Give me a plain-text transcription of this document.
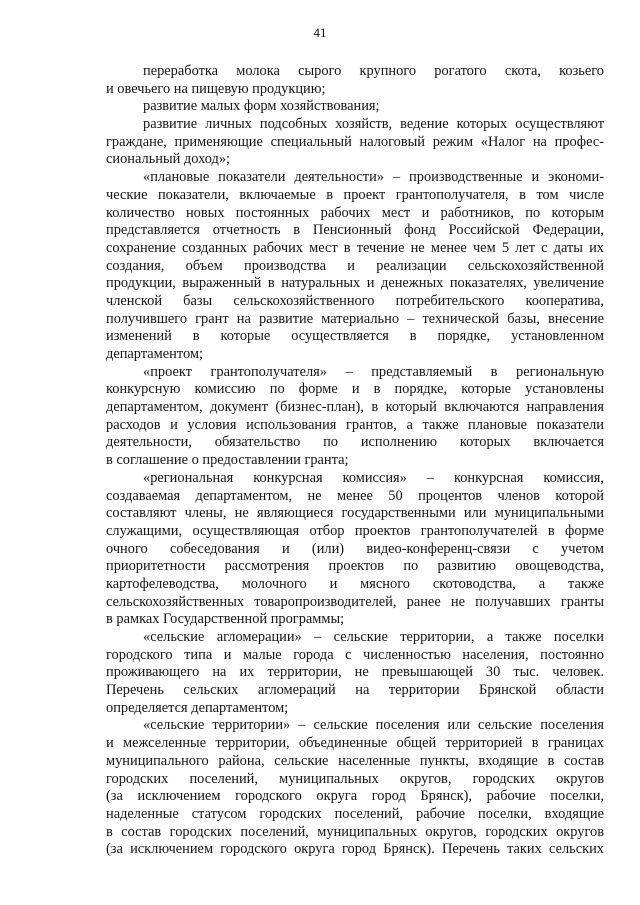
41
переработка молока сырого крупного рогатого скота, козьего
и овечьего на пищевую продукцию;
развитие малых форм хозяйствования;
развитие личных подсобных хозяйств, ведение которых осуществляют
граждане, применяющие специальный налоговый режим «Налог на профес-
сиональный доход»;
«плановые показатели деятельности» – производственные и экономи-
ческие показатели, включаемые в проект грантополучателя, в том числе
количество новых постоянных рабочих мест и работников, по которым
представляется отчетность в Пенсионный фонд Российской Федерации,
сохранение созданных рабочих мест в течение не менее чем 5 лет с даты их
создания, объем производства и реализации сельскохозяйственной
продукции, выраженный в натуральных и денежных показателях, увеличение
членской базы сельскохозяйственного потребительского кооператива,
получившего грант на развитие материально – технической базы, внесение
изменений в которые осуществляется в порядке, установленном
департаментом;
«проект грантополучателя» – представляемый в региональную
конкурсную комиссию по форме и в порядке, которые установлены
департаментом, документ (бизнес-план), в который включаются направления
расходов и условия использования грантов, а также плановые показатели
деятельности, обязательство по исполнению которых включается
в соглашение о предоставлении гранта;
«региональная конкурсная комиссия» – конкурсная комиссия,
создаваемая департаментом, не менее 50 процентов членов которой
составляют члены, не являющиеся государственными или муниципальными
служащими, осуществляющая отбор проектов грантополучателей в форме
очного собеседования и (или) видео-конференц-связи с учетом
приоритетности рассмотрения проектов по развитию овощеводства,
картофелеводства, молочного и мясного скотоводства, а также
сельскохозяйственных товаропроизводителей, ранее не получавших гранты
в рамках Государственной программы;
«сельские агломерации» – сельские территории, а также поселки
городского типа и малые города с численностью населения, постоянно
проживающего на их территории, не превышающей 30 тыс. человек.
Перечень сельских агломераций на территории Брянской области
определяется департаментом;
«сельские территории» – сельские поселения или сельские поселения
и межселенные территории, объединенные общей территорией в границах
муниципального района, сельские населенные пункты, входящие в состав
городских поселений, муниципальных округов, городских округов
(за исключением городского округа город Брянск), рабочие поселки,
наделенные статусом городских поселений, рабочие поселки, входящие
в состав городских поселений, муниципальных округов, городских округов
(за исключением городского округа город Брянск). Перечень таких сельских
